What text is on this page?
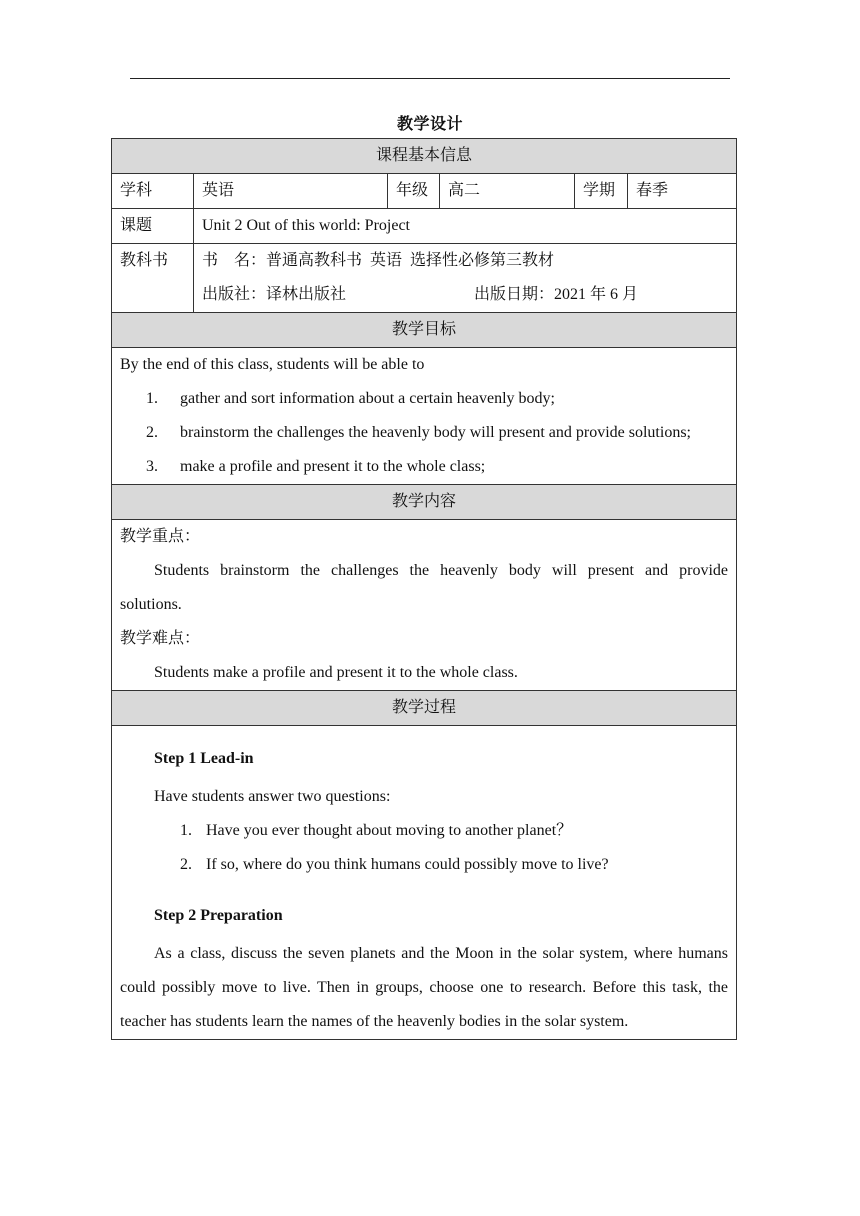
教学设计
课程基本信息
学科	英语	年级	高二	学期	春季
课题	Unit 2 Out of this world: Project
教科书	书    名：普通高教科书  英语  选择性必修第三教材
出版社：译林出版社	出版日期：2021 年 6 月
教学目标
By the end of this class, students will be able to
1.	gather and sort information about a certain heavenly body;
2.	brainstorm the challenges the heavenly body will present and provide solutions;
3.	make a profile and present it to the whole class;
教学内容
教学重点：
Students brainstorm the challenges the heavenly body will present and provide
solutions.
教学难点：
Students make a profile and present it to the whole class.
教学过程
Step 1 Lead-in
Have students answer two questions:
1. Have you ever thought about moving to another planet？
2. If so, where do you think humans could possibly move to live?
Step 2 Preparation
As a class, discuss the seven planets and the Moon in the solar system, where humans could possibly move to live. Then in groups, choose one to research. Before this task, the teacher has students learn the names of the heavenly bodies in the solar system.
